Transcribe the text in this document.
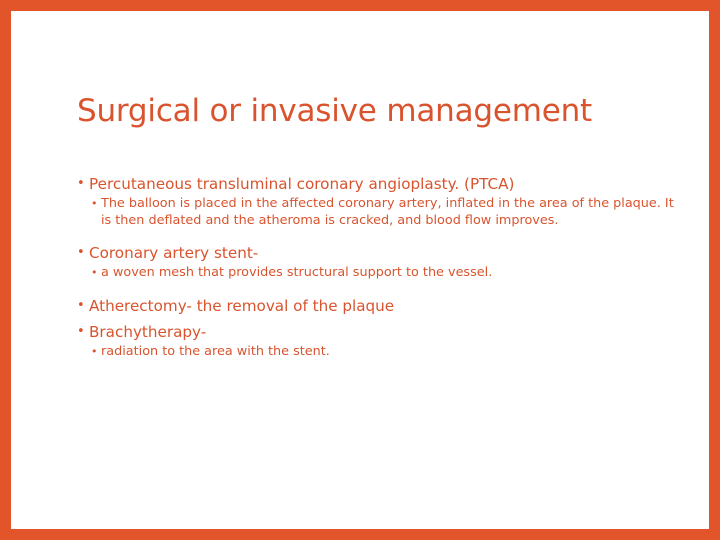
Surgical or invasive management
• Percutaneous transluminal coronary angioplasty. (PTCA)
• The balloon is placed in the affected coronary artery, inflated in the area of the plaque. It is then deflated and the atheroma is cracked, and blood flow improves.
• Coronary artery stent-
• a woven mesh that provides structural support to the vessel.
• Atherectomy- the removal of the plaque
• Brachytherapy-
• radiation to the area with the stent.
